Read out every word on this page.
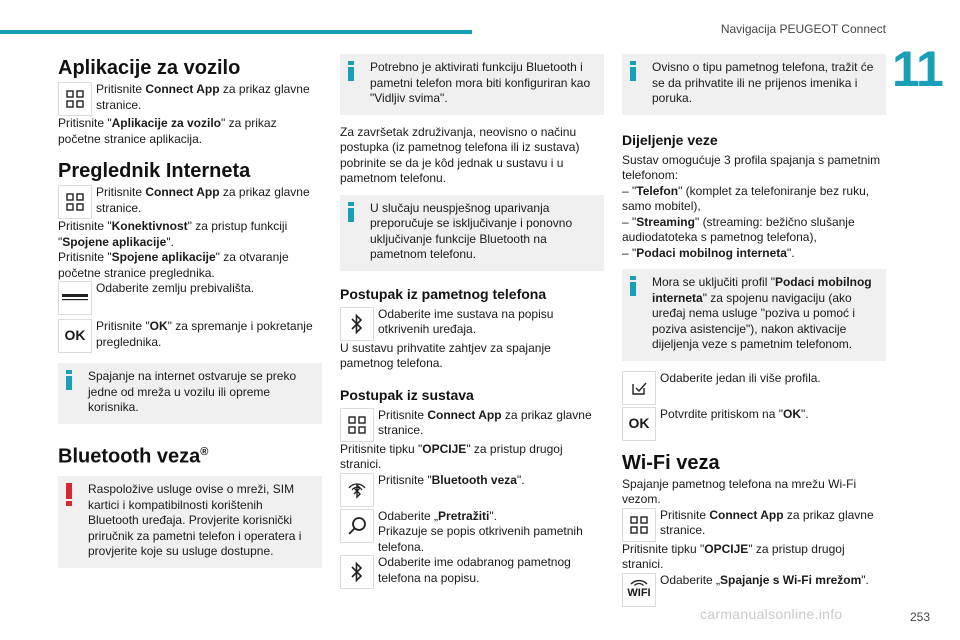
Navigacija PEUGEOT Connect
11
253
carmanualsonline.info
Aplikacije za vozilo

Pritisnite Connect App za prikaz glavne stranice.

Pritisnite "Aplikacije za vozilo" za prikaz početne stranice aplikacija.

Preglednik Interneta

Pritisnite Connect App za prikaz glavne stranice.

Pritisnite "Konektivnost" za pristup funkciji "Spojene aplikacije".

Pritisnite "Spojene aplikacije" za otvaranje početne stranice preglednika.

Odaberite zemlju prebivališta.

OK

Pritisnite "OK" za spremanje i pokretanje preglednika.

Spajanje na internet ostvaruje se preko jedne od mreža u vozilu ili opreme korisnika.

Bluetooth veza®

Raspoložive usluge ovise o mreži, SIM kartici i kompatibilnosti korištenih Bluetooth uređaja. Provjerite korisnički priručnik za pametni telefon i operatera i provjerite koje su usluge dostupne.

Potrebno je aktivirati funkciju Bluetooth i pametni telefon mora biti konfiguriran kao "Vidljiv svima".

Za završetak združivanja, neovisno o načinu postupka (iz pametnog telefona ili iz sustava) pobrinite se da je kôd jednak u sustavu i u pametnom telefonu.

U slučaju neuspješnog uparivanja preporučuje se isključivanje i ponovno uključivanje funkcije Bluetooth na pametnom telefonu.

Postupak iz pametnog telefona

Odaberite ime sustava na popisu otkrivenih uređaja.

U sustavu prihvatite zahtjev za spajanje pametnog telefona.

Postupak iz sustava

Pritisnite Connect App za prikaz glavne stranice.

Pritisnite tipku "OPCIJE" za pristup drugoj stranici.

Pritisnite "Bluetooth veza".

Odaberite „Pretražiti".

Prikazuje se popis otkrivenih pametnih telefona.

Odaberite ime odabranog pametnog telefona na popisu.

Ovisno o tipu pametnog telefona, tražit će se da prihvatite ili ne prijenos imenika i poruka.

Dijeljenje veze

Sustav omogućuje 3 profila spajanja s pametnim telefonom:

– "Telefon" (komplet za telefoniranje bez ruku, samo mobitel),

– "Streaming" (streaming: bežično slušanje audiodatoteka s pametnog telefona),

– "Podaci mobilnog interneta".

Mora se uključiti profil "Podaci mobilnog interneta" za spojenu navigaciju (ako uređaj nema usluge "poziva u pomoć i poziva asistencije"), nakon aktivacije dijeljenja veze s pametnim telefonom.

Odaberite jedan ili više profila.

OK

Potvrdite pritiskom na "OK".

Wi-Fi veza

Spajanje pametnog telefona na mrežu Wi-Fi vezom.

Pritisnite Connect App za prikaz glavne stranice.

Pritisnite tipku "OPCIJE" za pristup drugoj stranici.

WIFI

Odaberite „Spajanje s Wi-Fi mrežom".
